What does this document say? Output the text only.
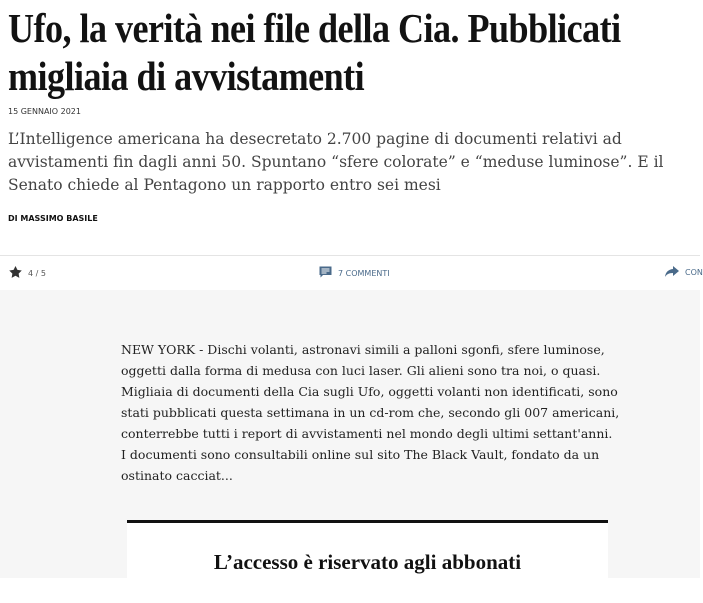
Ufo, la verità nei file della Cia. Pubblicati migliaia di avvistamenti
15 GENNAIO 2021
L’Intelligence americana ha desecretato 2.700 pagine di documenti relativi ad avvistamenti fin dagli anni 50. Spuntano “sfere colorate” e “meduse luminose”. E il Senato chiede al Pentagono un rapporto entro sei mesi
DI MASSIMO BASILE
4 / 5	7 COMMENTI	CON
NEW YORK - Dischi volanti, astronavi simili a palloni sgonfi, sfere luminose, oggetti dalla forma di medusa con luci laser. Gli alieni sono tra noi, o quasi. Migliaia di documenti della Cia sugli Ufo, oggetti volanti non identificati, sono stati pubblicati questa settimana in un cd-rom che, secondo gli 007 americani, conterrebbe tutti i report di avvistamenti nel mondo degli ultimi settant'anni. I documenti sono consultabili online sul sito The Black Vault, fondato da un ostinato cacciat...
L’accesso è riservato agli abbonati
